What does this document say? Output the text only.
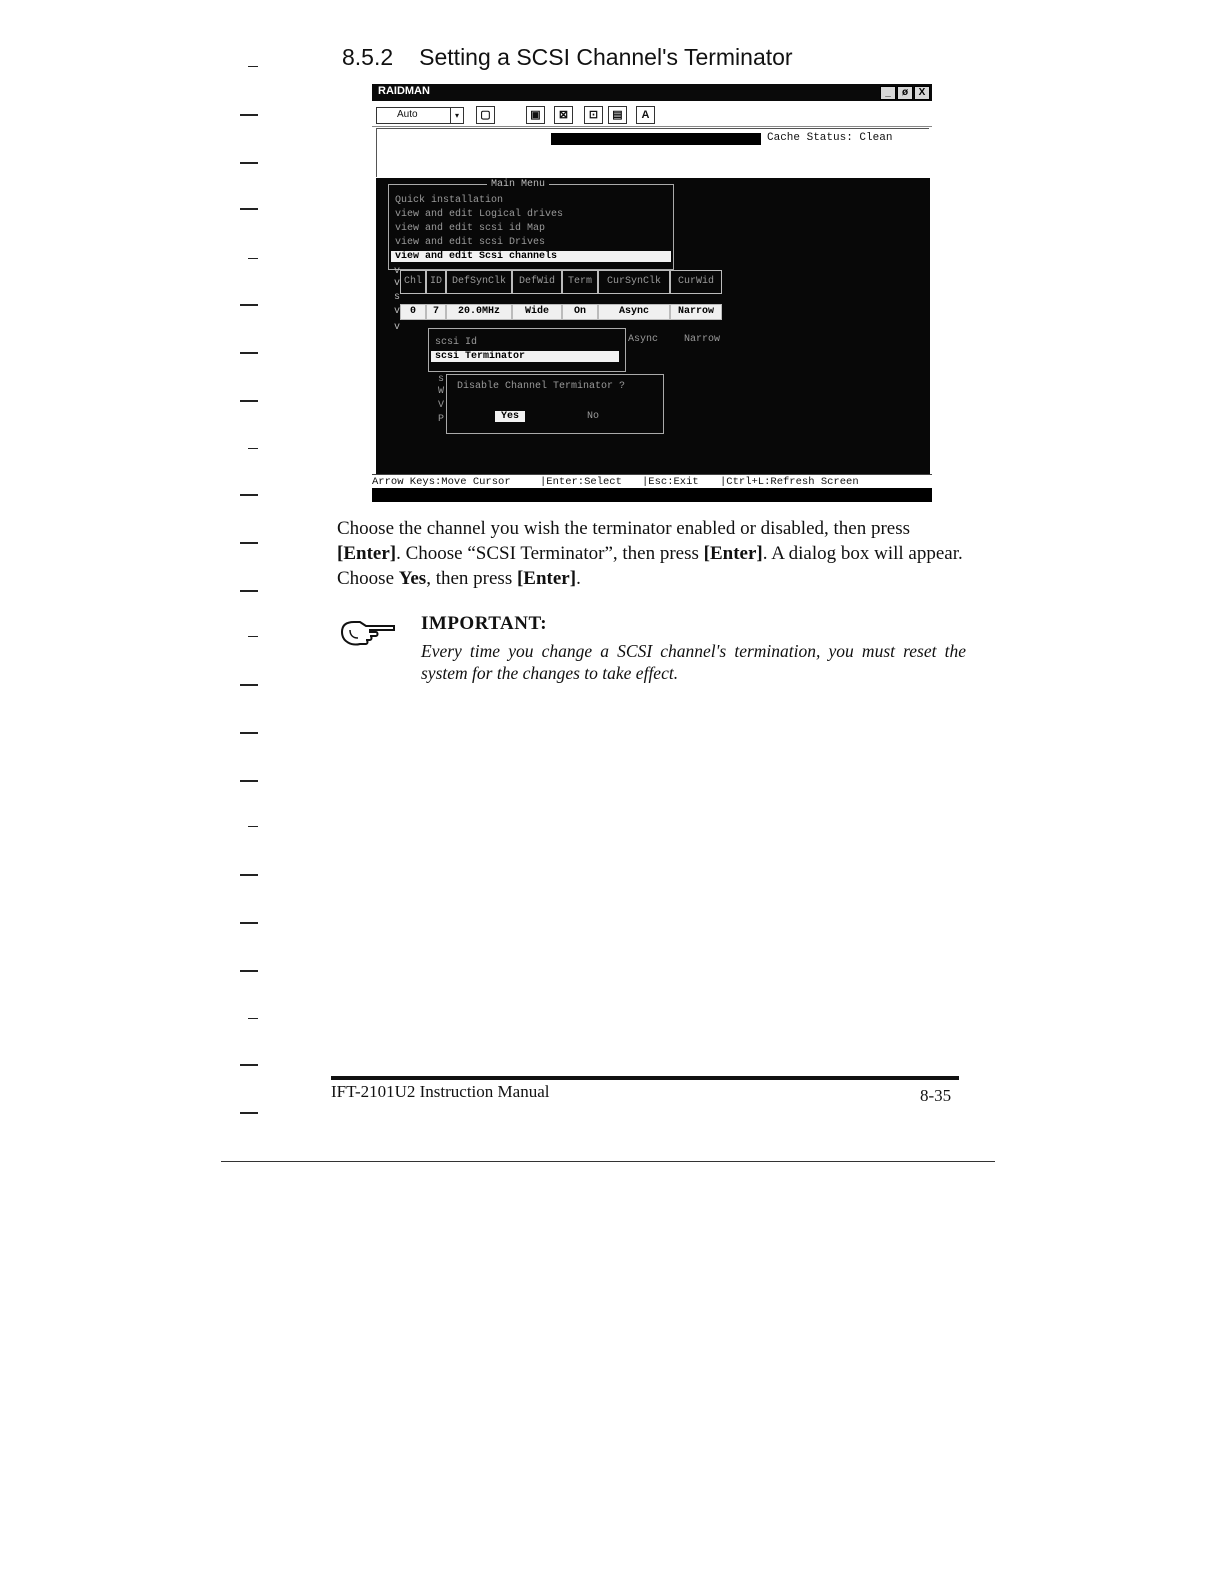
8.5.2 Setting a SCSI Channel's Terminator
RAIDMAN	_	ø	X
Auto	▾	▢	▣	⊠	⊡	▤	A
Cache Status: Clean
Main Menu
Quick installation
view and edit Logical drives
view and edit scsi id Map
view and edit scsi Drives
view and edit Scsi channels
v
v
s
v
v
Chl ID DefSynClk	DefWid	Term	CurSynClk	CurWid
0	7	20.0MHz	Wide	On	Async	Narrow
Async	Narrow
scsi Id
scsi Terminator
s
W
V
P
Disable Channel Terminator ?
Yes	No
Arrow Keys:Move Cursor	|Enter:Select |Esc:Exit |Ctrl+L:Refresh Screen
Choose the channel you wish the terminator enabled or disabled, then press [Enter]. Choose “SCSI Terminator”, then press [Enter]. A dialog box will appear. Choose Yes, then press [Enter].
IMPORTANT:
Every time you change a SCSI channel's termination, you must reset the system for the changes to take effect.
IFT-2101U2 Instruction Manual	8-35
